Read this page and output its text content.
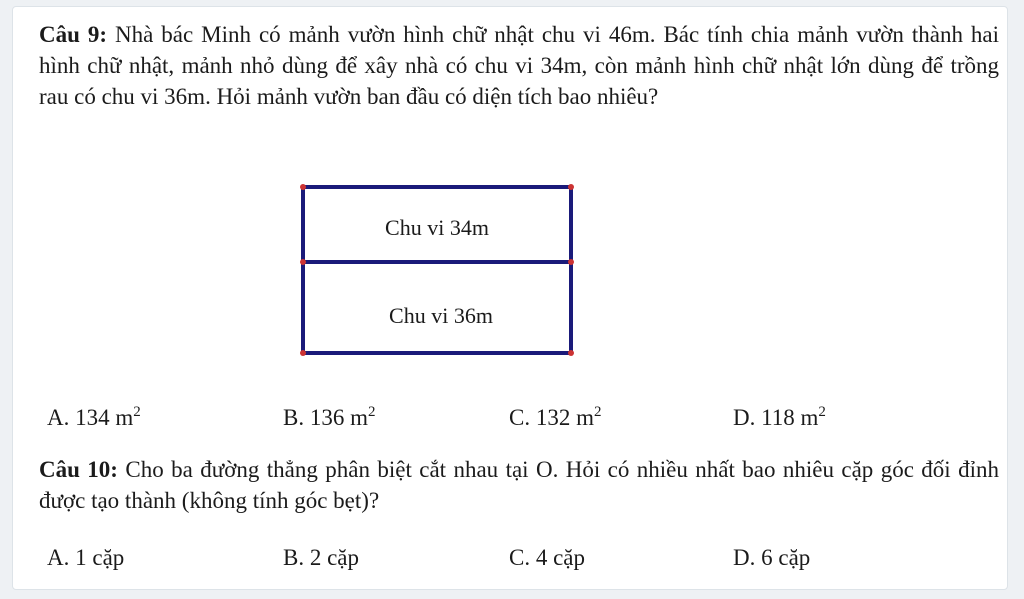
Câu 9: Nhà bác Minh có mảnh vườn hình chữ nhật chu vi 46m. Bác tính chia mảnh vườn thành hai hình chữ nhật, mảnh nhỏ dùng để xây nhà có chu vi 34m, còn mảnh hình chữ nhật lớn dùng để trồng rau có chu vi 36m. Hỏi mảnh vườn ban đầu có diện tích bao nhiêu?

Chu vi 34m
Chu vi 36m
A. 134 $m^2$	B. 136 $m^2$	C. 132 $m^2$	D. 118 $m^2$

Câu 10: Cho ba đường thẳng phân biệt cắt nhau tại O. Hỏi có nhiều nhất bao nhiêu cặp góc đối đỉnh được tạo thành (không tính góc bẹt)?

A. 1 cặp	B. 2 cặp	C. 4 cặp	D. 6 cặp
